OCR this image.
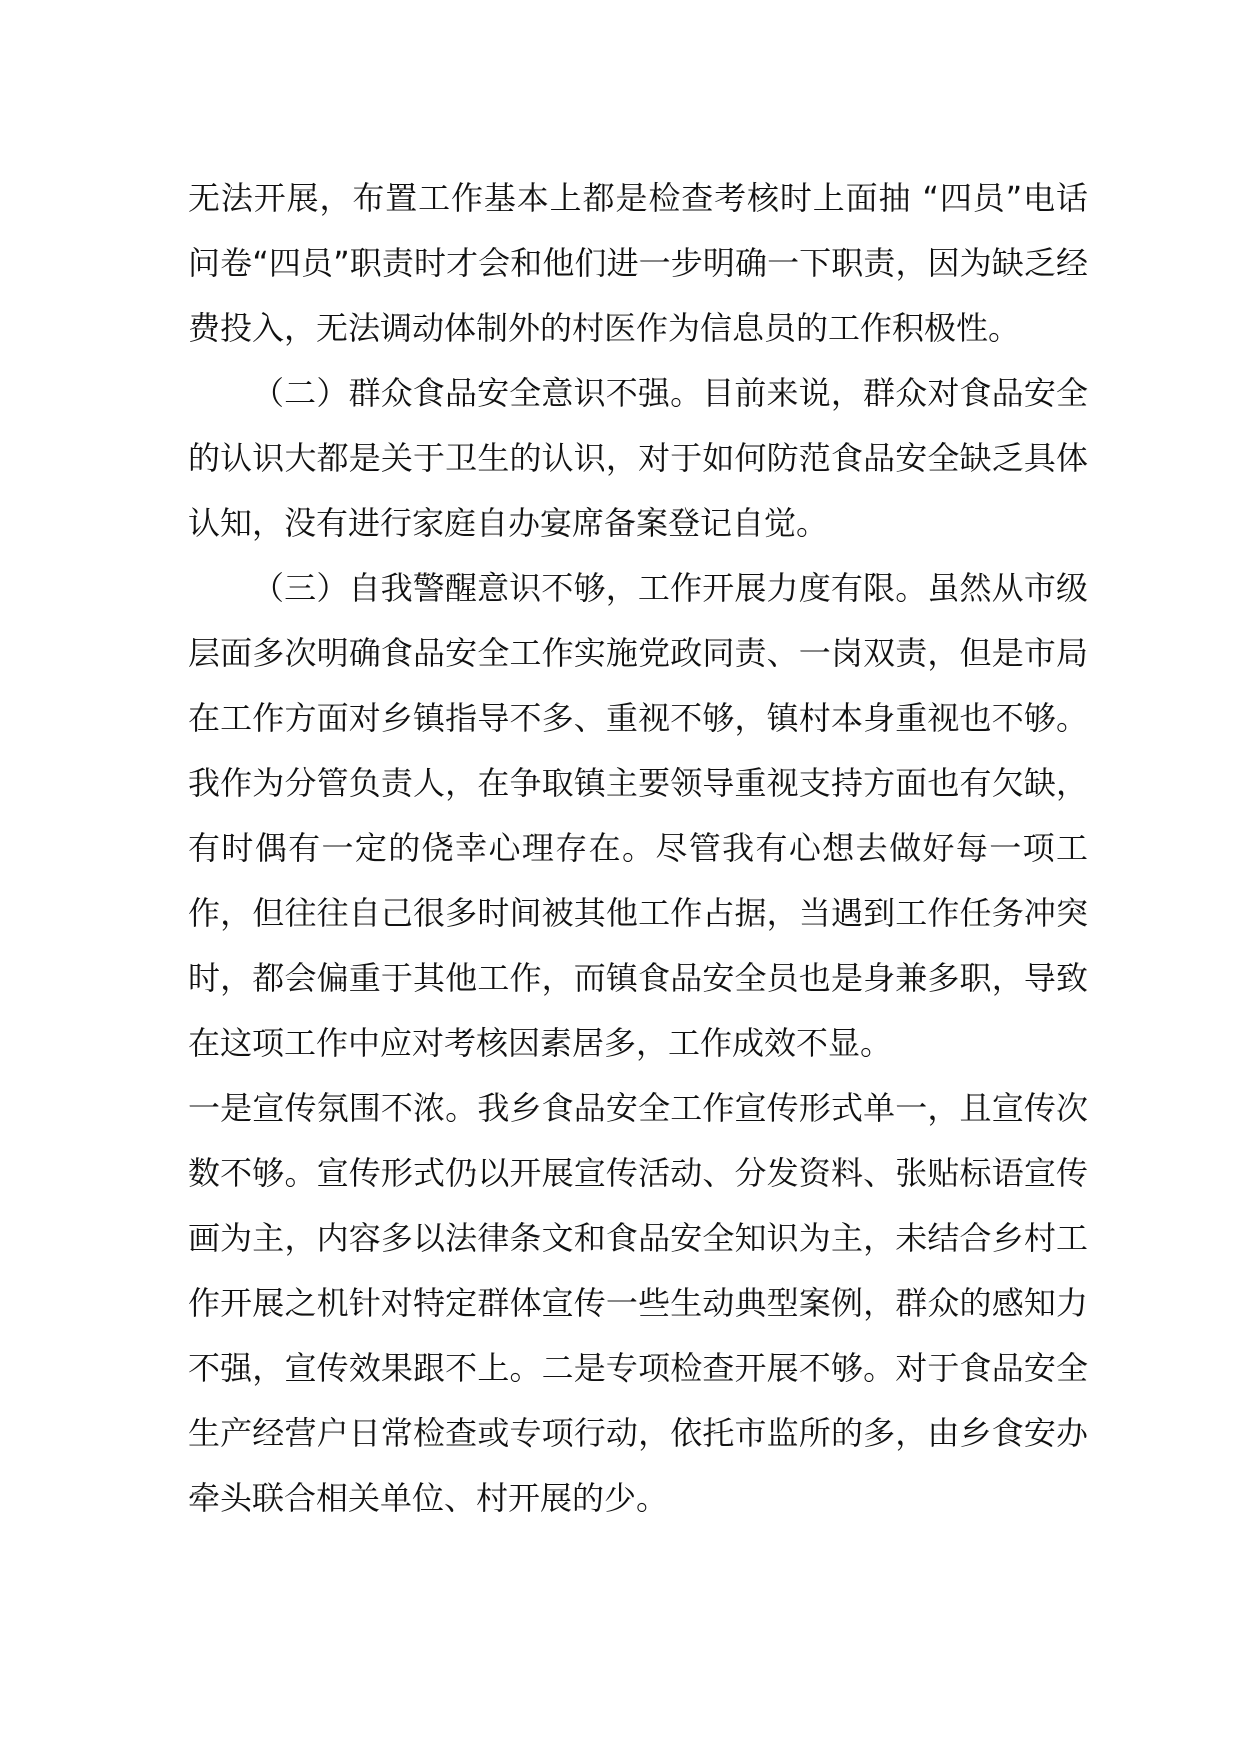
无法开展，布置工作基本上都是检查考核时上面抽 “四员”电话问卷“四员”职责时才会和他们进一步明确一下职责，因为缺乏经费投入，无法调动体制外的村医作为信息员的工作积极性。

（二）群众食品安全意识不强。目前来说，群众对食品安全的认识大都是关于卫生的认识，对于如何防范食品安全缺乏具体认知，没有进行家庭自办宴席备案登记自觉。

（三）自我警醒意识不够，工作开展力度有限。虽然从市级层面多次明确食品安全工作实施党政同责、一岗双责，但是市局在工作方面对乡镇指导不多、重视不够，镇村本身重视也不够。我作为分管负责人，在争取镇主要领导重视支持方面也有欠缺，有时偶有一定的侥幸心理存在。尽管我有心想去做好每一项工作，但往往自己很多时间被其他工作占据，当遇到工作任务冲突时，都会偏重于其他工作，而镇食品安全员也是身兼多职，导致在这项工作中应对考核因素居多，工作成效不显。

一是宣传氛围不浓。我乡食品安全工作宣传形式单一，且宣传次数不够。宣传形式仍以开展宣传活动、分发资料、张贴标语宣传画为主，内容多以法律条文和食品安全知识为主，未结合乡村工作开展之机针对特定群体宣传一些生动典型案例，群众的感知力不强，宣传效果跟不上。二是专项检查开展不够。对于食品安全生产经营户日常检查或专项行动，依托市监所的多，由乡食安办牵头联合相关单位、村开展的少。
